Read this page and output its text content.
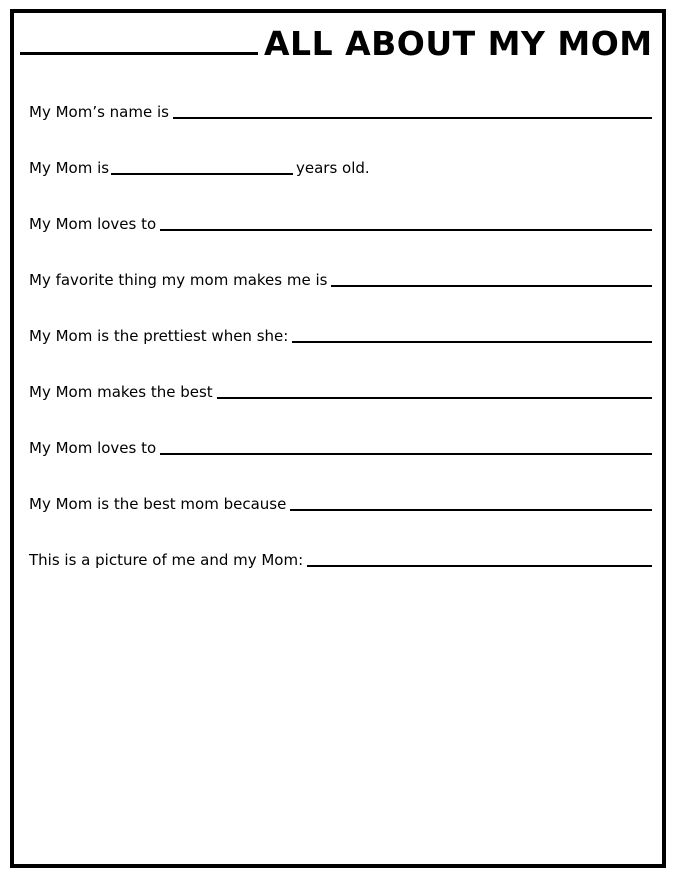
ALL ABOUT MY MOM
My Mom’s name is
My Mom is	years old.
My Mom loves to
My favorite thing my mom makes me is
My Mom is the prettiest when she:
My Mom makes the best
My Mom loves to
My Mom is the best mom because
This is a picture of me and my Mom:
